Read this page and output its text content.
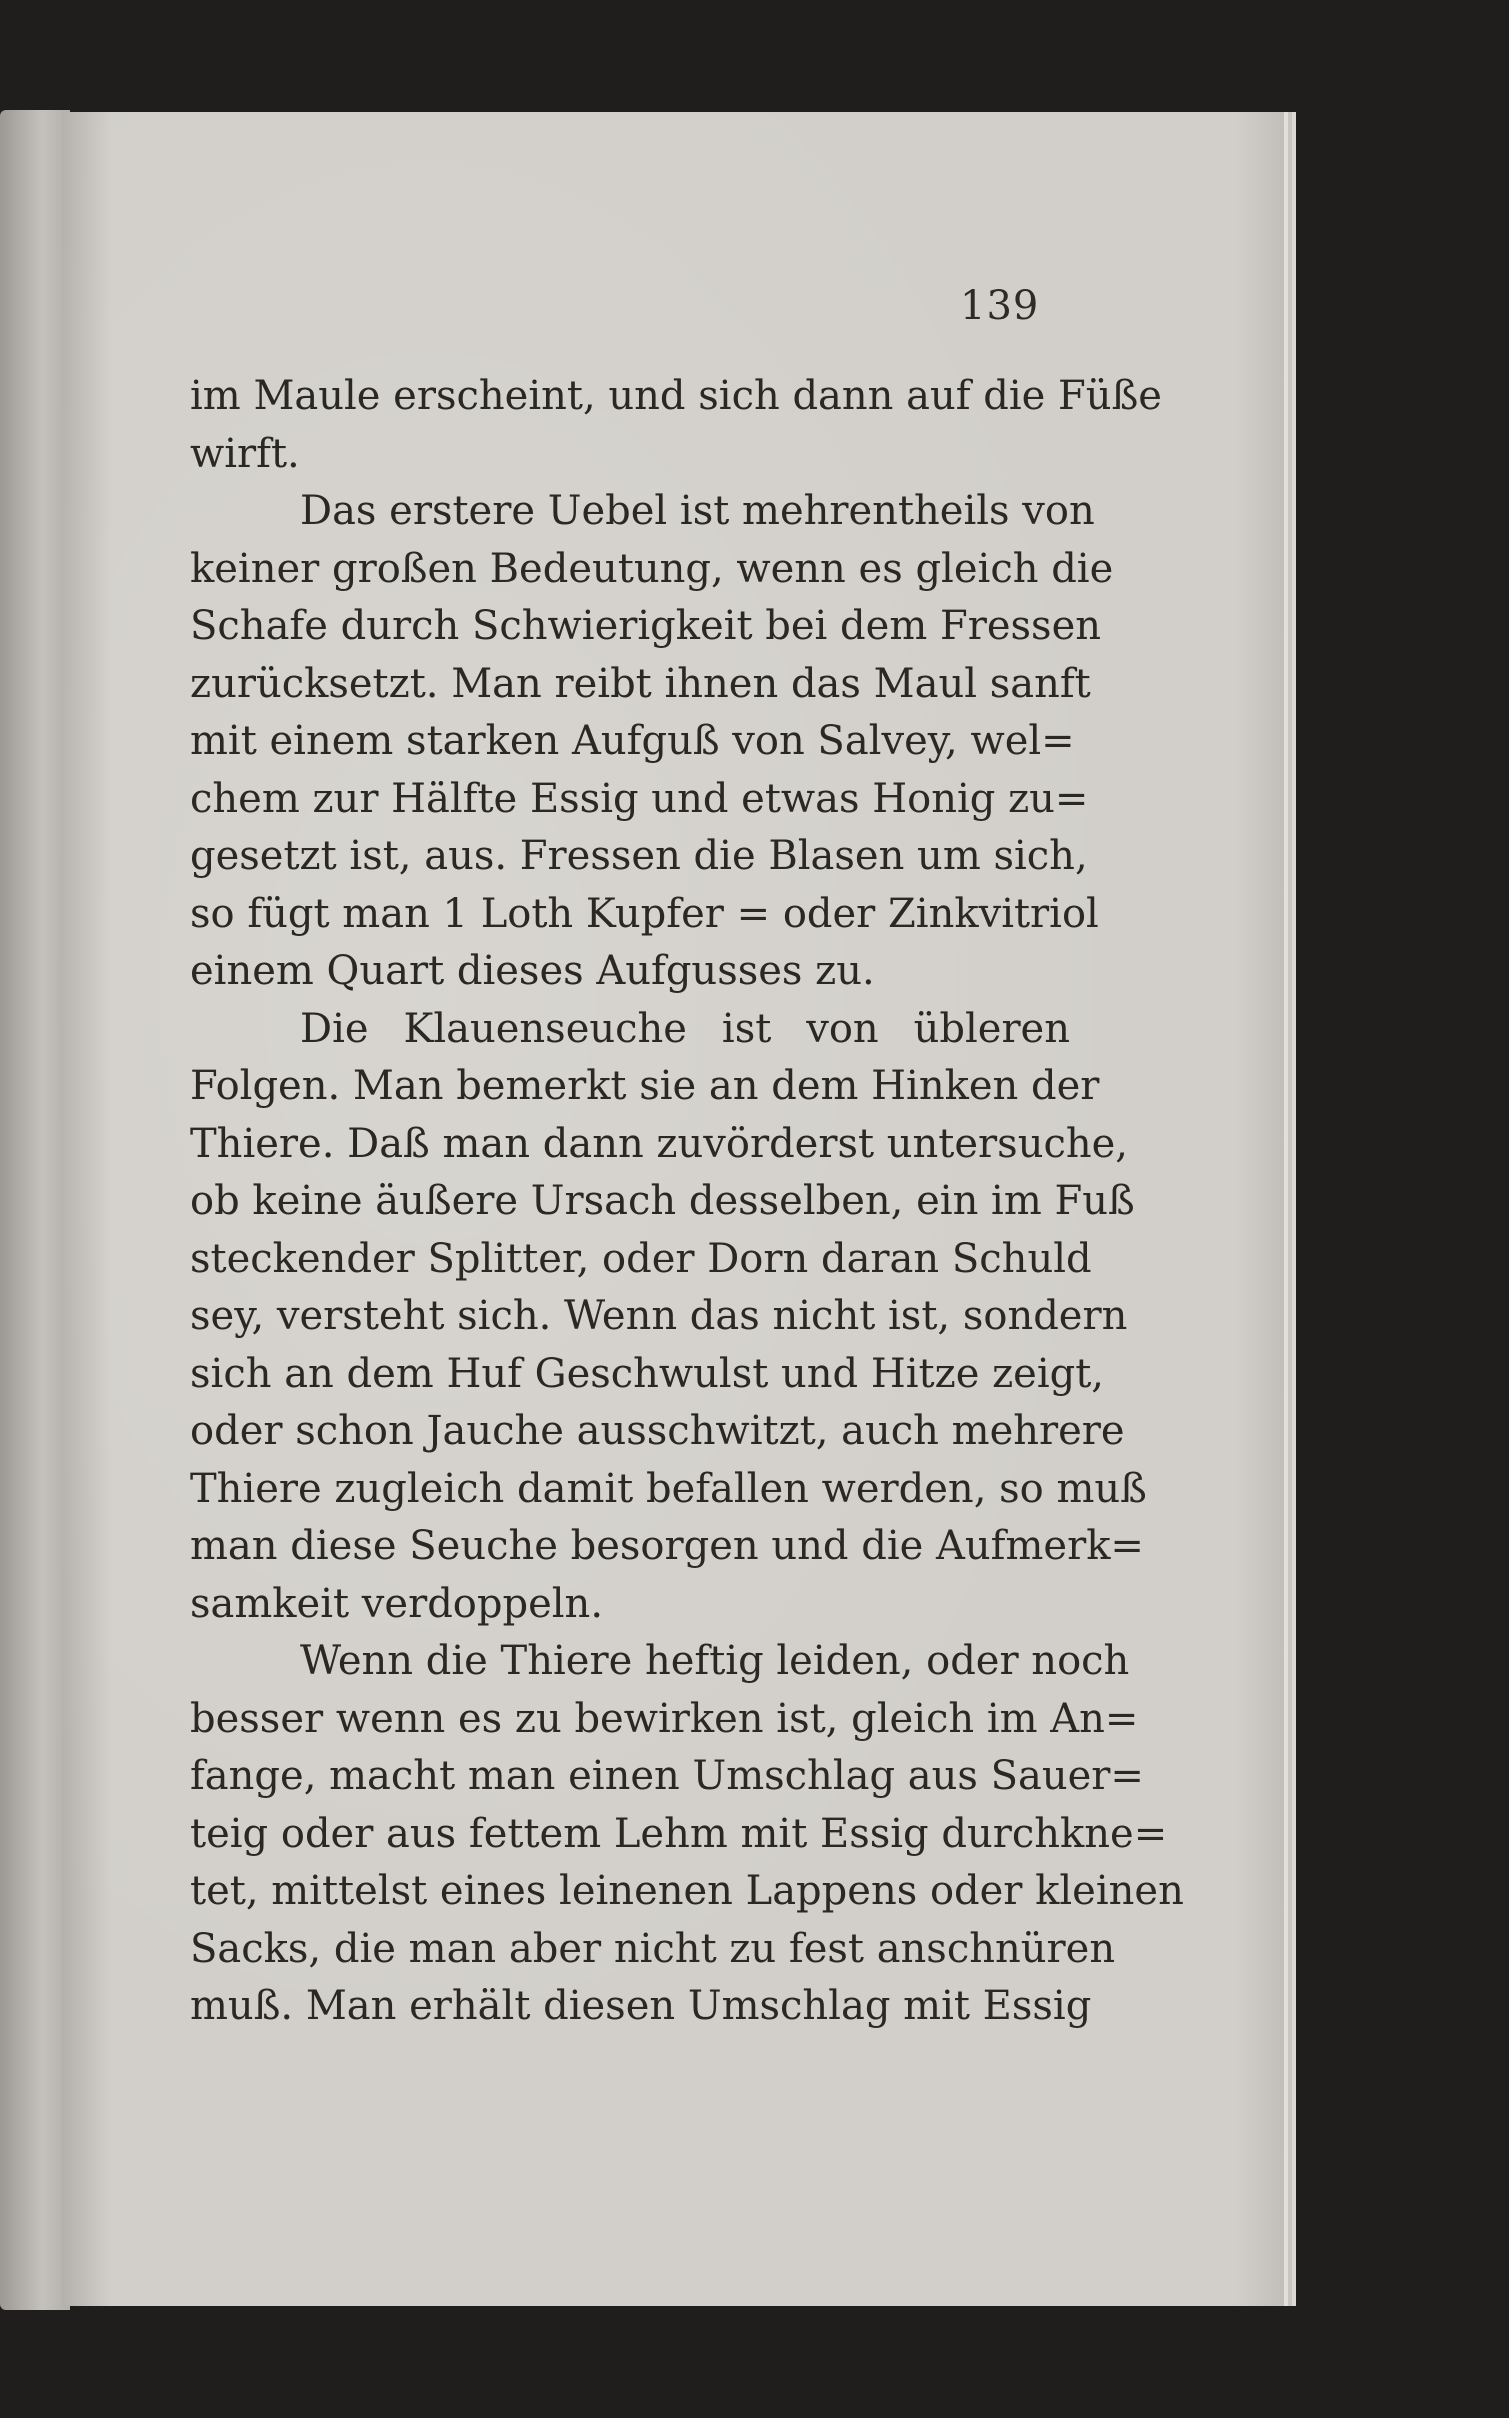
139
im Maule erscheint, und sich dann auf die Füße
wirft.
Das erstere Uebel ist mehrentheils von
keiner großen Bedeutung, wenn es gleich die
Schafe durch Schwierigkeit bei dem Fressen
zurücksetzt. Man reibt ihnen das Maul sanft
mit einem starken Aufguß von Salvey, wel=
chem zur Hälfte Essig und etwas Honig zu=
gesetzt ist, aus. Fressen die Blasen um sich,
so fügt man 1 Loth Kupfer = oder Zinkvitriol
einem Quart dieses Aufgusses zu.
Die Klauenseuche ist von übleren
Folgen. Man bemerkt sie an dem Hinken der
Thiere. Daß man dann zuvörderst untersuche,
ob keine äußere Ursach desselben, ein im Fuß
steckender Splitter, oder Dorn daran Schuld
sey, versteht sich. Wenn das nicht ist, sondern
sich an dem Huf Geschwulst und Hitze zeigt,
oder schon Jauche ausschwitzt, auch mehrere
Thiere zugleich damit befallen werden, so muß
man diese Seuche besorgen und die Aufmerk=
samkeit verdoppeln.
Wenn die Thiere heftig leiden, oder noch
besser wenn es zu bewirken ist, gleich im An=
fange, macht man einen Umschlag aus Sauer=
teig oder aus fettem Lehm mit Essig durchkne=
tet, mittelst eines leinenen Lappens oder kleinen
Sacks, die man aber nicht zu fest anschnüren
muß. Man erhält diesen Umschlag mit Essig
